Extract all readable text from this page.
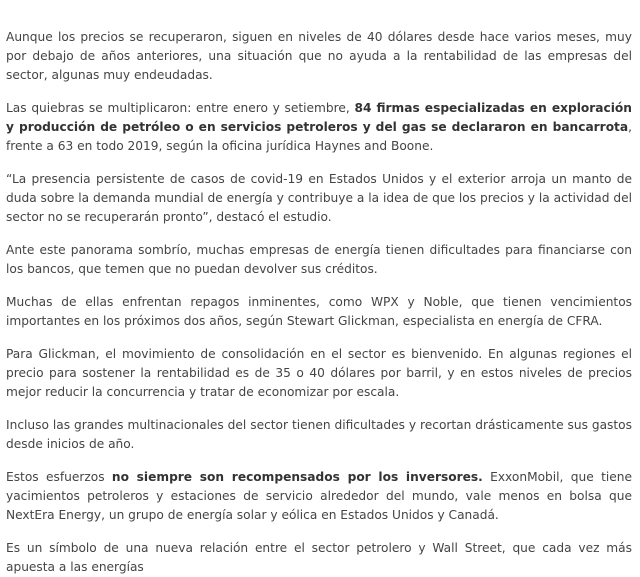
Aunque los precios se recuperaron, siguen en niveles de 40 dólares desde hace varios meses, muy por debajo de años anteriores, una situación que no ayuda a la rentabilidad de las empresas del sector, algunas muy endeudadas.

Las quiebras se multiplicaron: entre enero y setiembre, 84 firmas especializadas en exploración y producción de petróleo o en servicios petroleros y del gas se declararon en bancarrota, frente a 63 en todo 2019, según la oficina jurídica Haynes and Boone.

“La presencia persistente de casos de covid-19 en Estados Unidos y el exterior arroja un manto de duda sobre la demanda mundial de energía y contribuye a la idea de que los precios y la actividad del sector no se recuperarán pronto”, destacó el estudio.

Ante este panorama sombrío, muchas empresas de energía tienen dificultades para financiarse con los bancos, que temen que no puedan devolver sus créditos.

Muchas de ellas enfrentan repagos inminentes, como WPX y Noble, que tienen vencimientos importantes en los próximos dos años, según Stewart Glickman, especialista en energía de CFRA.

Para Glickman, el movimiento de consolidación en el sector es bienvenido. En algunas regiones el precio para sostener la rentabilidad es de 35 o 40 dólares por barril, y en estos niveles de precios mejor reducir la concurrencia y tratar de economizar por escala.

Incluso las grandes multinacionales del sector tienen dificultades y recortan drásticamente sus gastos desde inicios de año.

Estos esfuerzos no siempre son recompensados por los inversores. ExxonMobil, que tiene yacimientos petroleros y estaciones de servicio alrededor del mundo, vale menos en bolsa que NextEra Energy, un grupo de energía solar y eólica en Estados Unidos y Canadá.

Es un símbolo de una nueva relación entre el sector petrolero y Wall Street, que cada vez más apuesta a las energías
